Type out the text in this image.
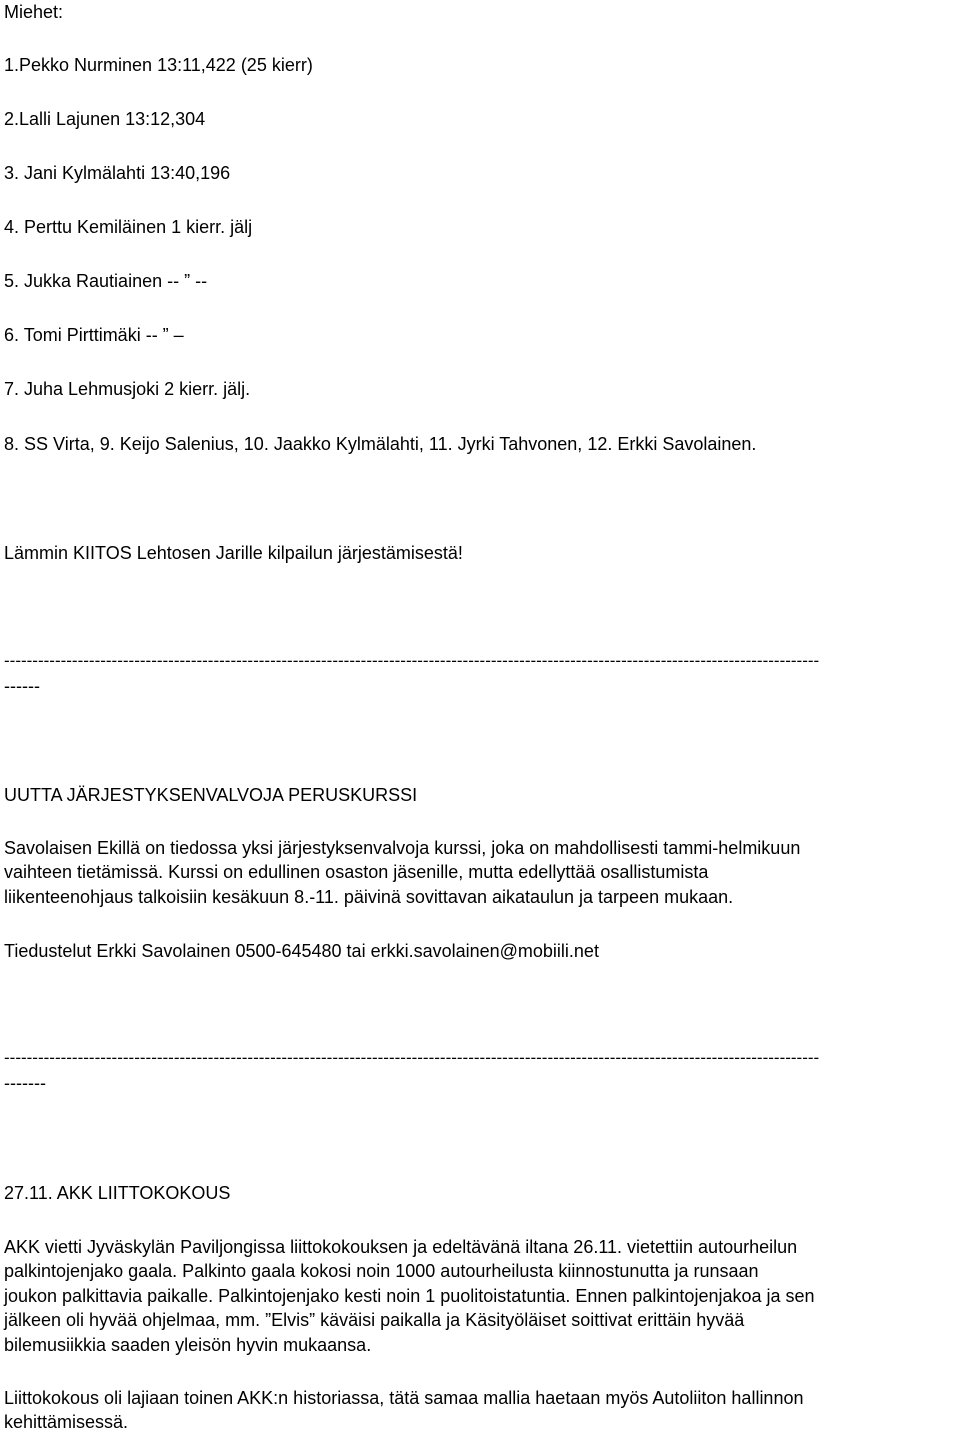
Miehet:
1.Pekko Nurminen 13:11,422 (25 kierr)
2.Lalli Lajunen 13:12,304
3. Jani Kylmälahti 13:40,196
4. Perttu Kemiläinen 1 kierr. jälj
5. Jukka Rautiainen -- ” --
6. Tomi Pirttimäki -- ” –
7. Juha Lehmusjoki 2 kierr. jälj.
8. SS Virta, 9. Keijo Salenius, 10. Jaakko Kylmälahti, 11. Jyrki Tahvonen, 12. Erkki Savolainen.
Lämmin KIITOS Lehtosen Jarille kilpailun järjestämisestä!
------------------------------------------------------------------------------------------------------------------------------------------------
------
UUTTA JÄRJESTYKSENVALVOJA PERUSKURSSI
Savolaisen Ekillä on tiedossa yksi järjestyksenvalvoja kurssi, joka on mahdollisesti tammi-helmikuun
vaihteen tietämissä. Kurssi on edullinen osaston jäsenille, mutta edellyttää osallistumista
liikenteenohjaus talkoisiin kesäkuun 8.-11. päivinä sovittavan aikataulun ja tarpeen mukaan.
Tiedustelut Erkki Savolainen 0500-645480 tai erkki.savolainen@mobiili.net
------------------------------------------------------------------------------------------------------------------------------------------------
-------
27.11. AKK LIITTOKOKOUS
AKK vietti Jyväskylän Paviljongissa liittokokouksen ja edeltävänä iltana 26.11. vietettiin autourheilun
palkintojenjako gaala. Palkinto gaala kokosi noin 1000 autourheilusta kiinnostunutta ja runsaan
joukon palkittavia paikalle. Palkintojenjako kesti noin 1 puolitoistatuntia. Ennen palkintojenjakoa ja sen
jälkeen oli hyvää ohjelmaa, mm. ”Elvis” käväisi paikalla ja Käsityöläiset soittivat erittäin hyvää
bilemusiikkia saaden yleisön hyvin mukaansa.
Liittokokous oli lajiaan toinen AKK:n historiassa, tätä samaa mallia haetaan myös Autoliiton hallinnon
kehittämisessä.
